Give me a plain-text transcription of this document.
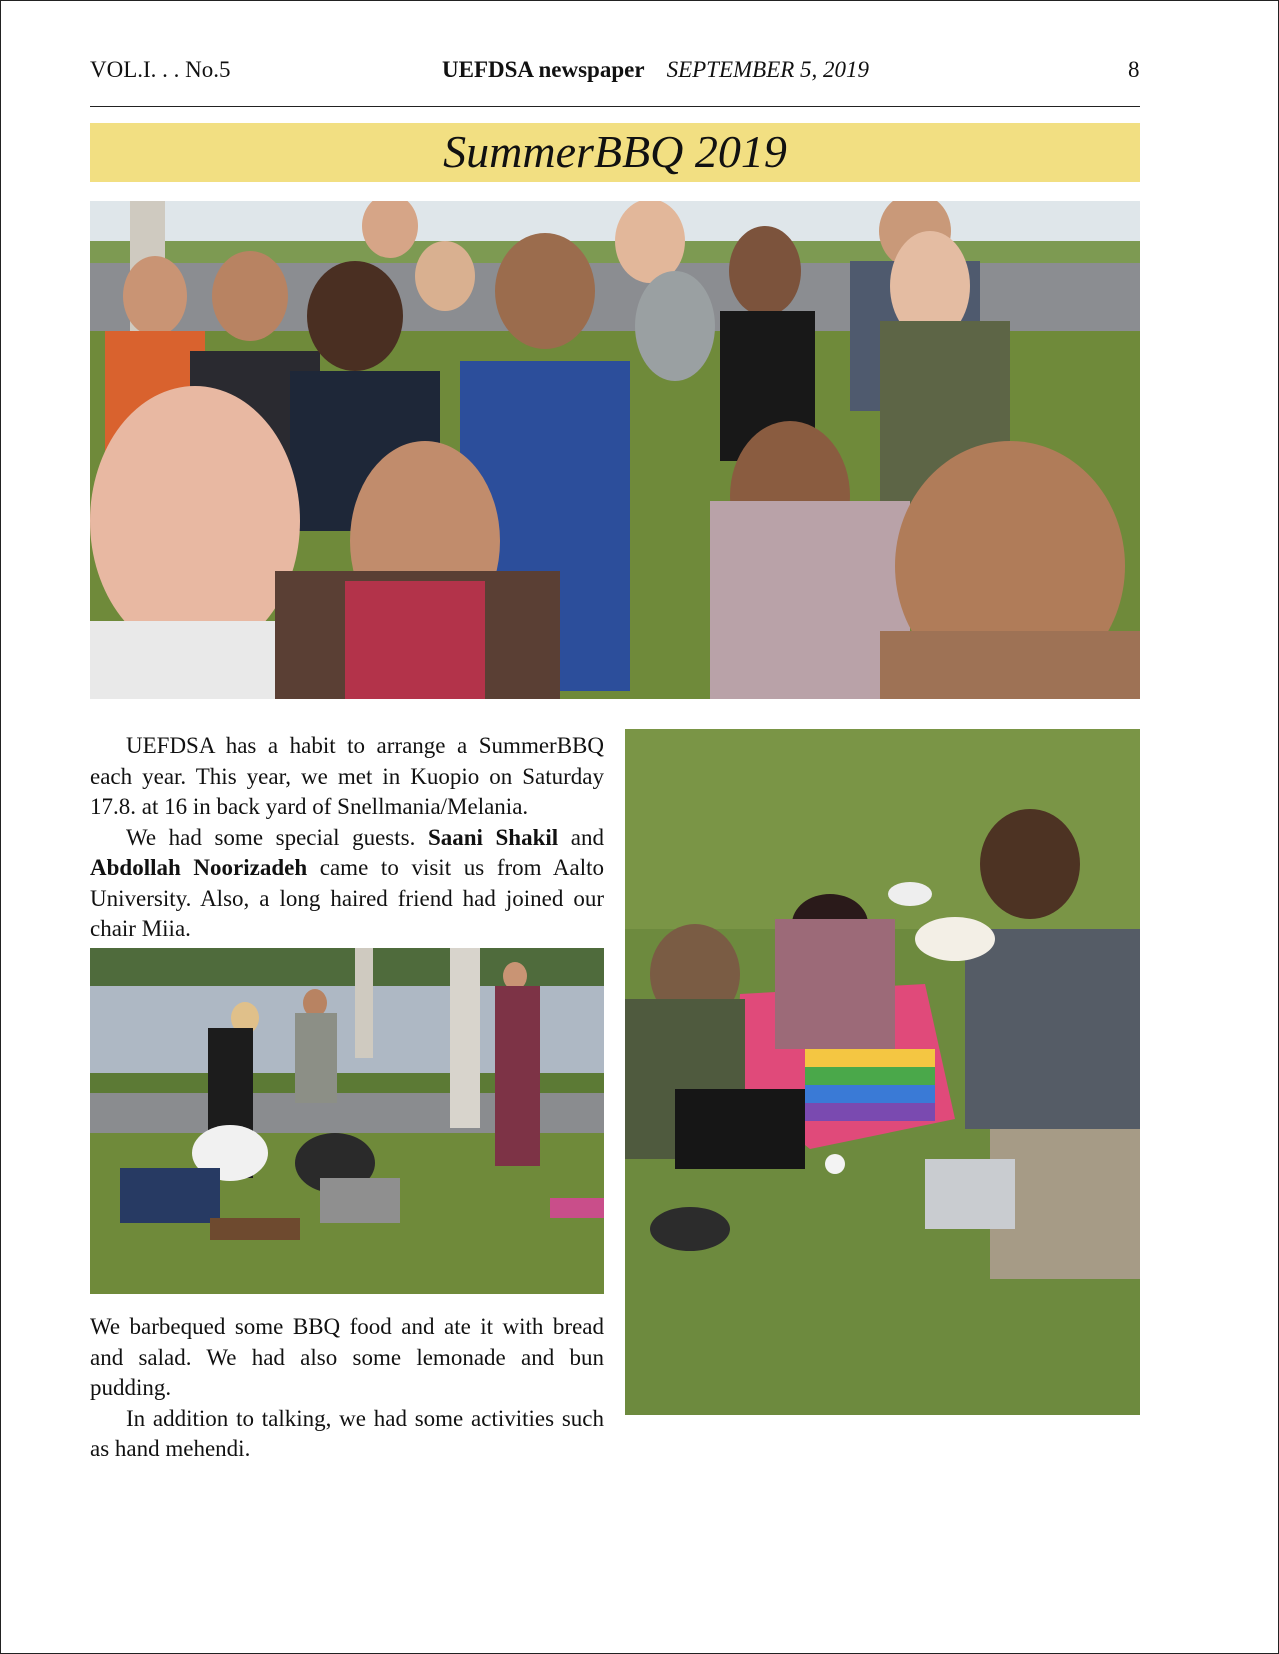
VOL.I. . . No.5	UEFDSA newspaper SEPTEMBER 5, 2019	8
SummerBBQ 2019

UEFDSA has a habit to arrange a SummerBBQ each year. This year, we met in Kuopio on Saturday 17.8. at 16 in back yard of Snellmania/Melania.

We had some special guests. Saani Shakil and Abdollah Noorizadeh came to visit us from Aalto University. Also, a long haired friend had joined our chair Miia.

We barbequed some BBQ food and ate it with bread and salad. We had also some lemonade and bun pudding.

In addition to talking, we had some activities such as hand mehendi.
